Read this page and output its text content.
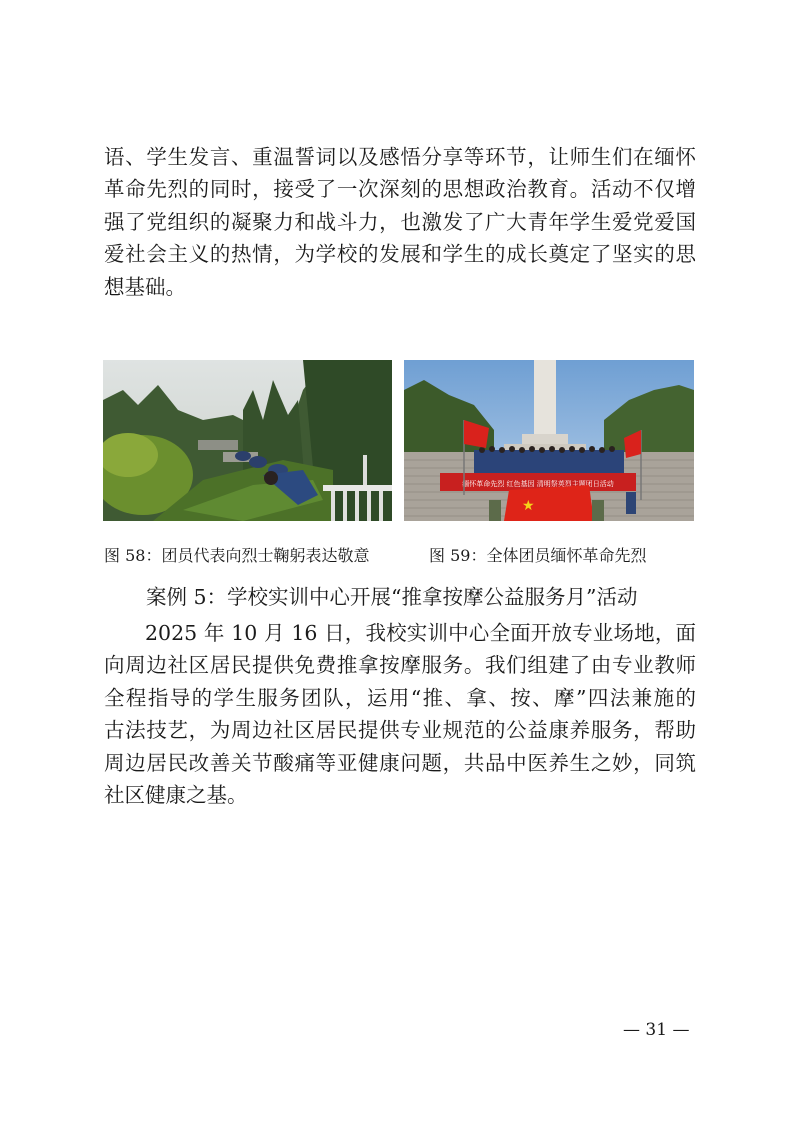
语、学生发言、重温誓词以及感悟分享等环节，让师生们在缅怀
革命先烈的同时，接受了一次深刻的思想政治教育。活动不仅增
强了党组织的凝聚力和战斗力，也激发了广大青年学生爱党爱国
爱社会主义的热情，为学校的发展和学生的成长奠定了坚实的思
想基础。
缅怀革命先烈 红色基因 清明祭英烈主题团日活动
★
图 58：团员代表向烈士鞠躬表达敬意	图 59：全体团员缅怀革命先烈
案例 5：学校实训中心开展“推拿按摩公益服务月”活动
2025 年 10 月 16 日，我校实训中心全面开放专业场地，面
向周边社区居民提供免费推拿按摩服务。我们组建了由专业教师
全程指导的学生服务团队，运用“推、拿、按、摩”四法兼施的
古法技艺，为周边社区居民提供专业规范的公益康养服务，帮助
周边居民改善关节酸痛等亚健康问题，共品中医养生之妙，同筑
社区健康之基。
— 31 —
